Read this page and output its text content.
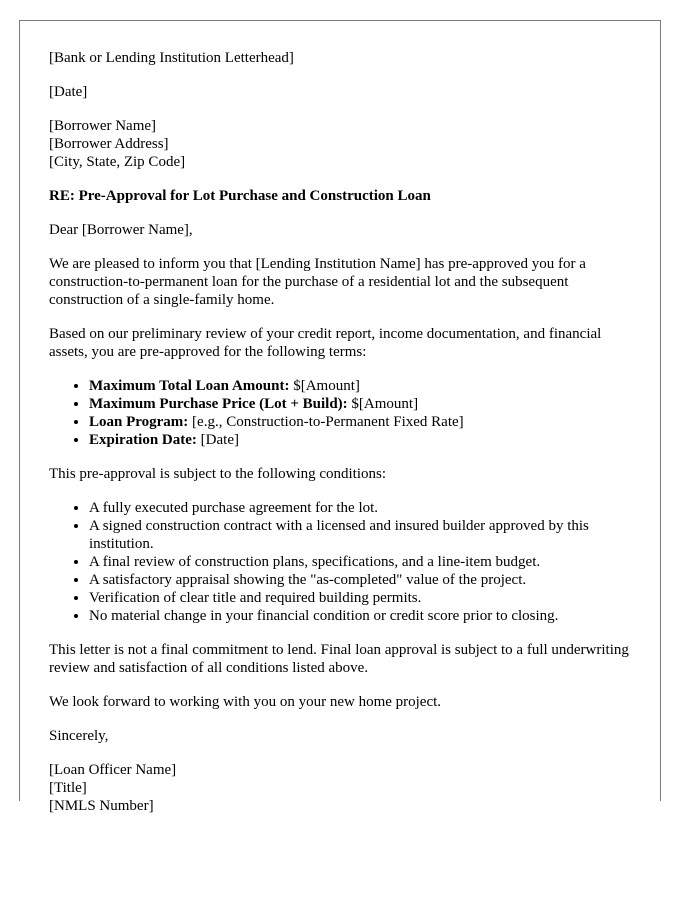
[Bank or Lending Institution Letterhead]

[Date]

[Borrower Name]
[Borrower Address]
[City, State, Zip Code]

RE: Pre-Approval for Lot Purchase and Construction Loan

Dear [Borrower Name],

We are pleased to inform you that [Lending Institution Name] has pre-approved you for a construction-to-permanent loan for the purchase of a residential lot and the subsequent construction of a single-family home.

Based on our preliminary review of your credit report, income documentation, and financial assets, you are pre-approved for the following terms:

• Maximum Total Loan Amount: $[Amount]
• Maximum Purchase Price (Lot + Build): $[Amount]
• Loan Program: [e.g., Construction-to-Permanent Fixed Rate]
• Expiration Date: [Date]

This pre-approval is subject to the following conditions:

• A fully executed purchase agreement for the lot.
• A signed construction contract with a licensed and insured builder approved by this institution.
• A final review of construction plans, specifications, and a line-item budget.
• A satisfactory appraisal showing the "as-completed" value of the project.
• Verification of clear title and required building permits.
• No material change in your financial condition or credit score prior to closing.

This letter is not a final commitment to lend. Final loan approval is subject to a full underwriting review and satisfaction of all conditions listed above.

We look forward to working with you on your new home project.

Sincerely,

[Loan Officer Name]
[Title]
[NMLS Number]
